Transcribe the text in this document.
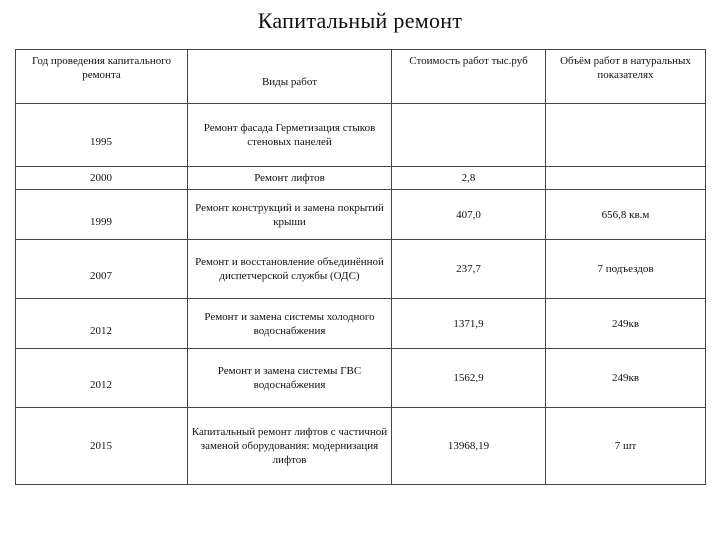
Капитальный ремонт
Год проведения капитального ремонта	Виды работ	Стоимость работ тыс.руб	Объём работ в натуральных показателях
1995	Ремонт фасада Герметизация стыков стеновых панелей		
2000	Ремонт лифтов	2,8	
1999	Ремонт конструкций и замена покрытий крыши	407,0	656,8 кв.м
2007	Ремонт и восстановление объединённой диспетчерской службы (ОДС)	237,7	7 подъездов
2012	Ремонт и замена системы холодного водоснабжения	1371,9	249кв
2012	Ремонт и замена системы ГВС водоснабжения	1562,9	249кв
2015	Капитальный ремонт лифтов с частичной заменой оборудования: модернизация лифтов	13968,19	7 шт
